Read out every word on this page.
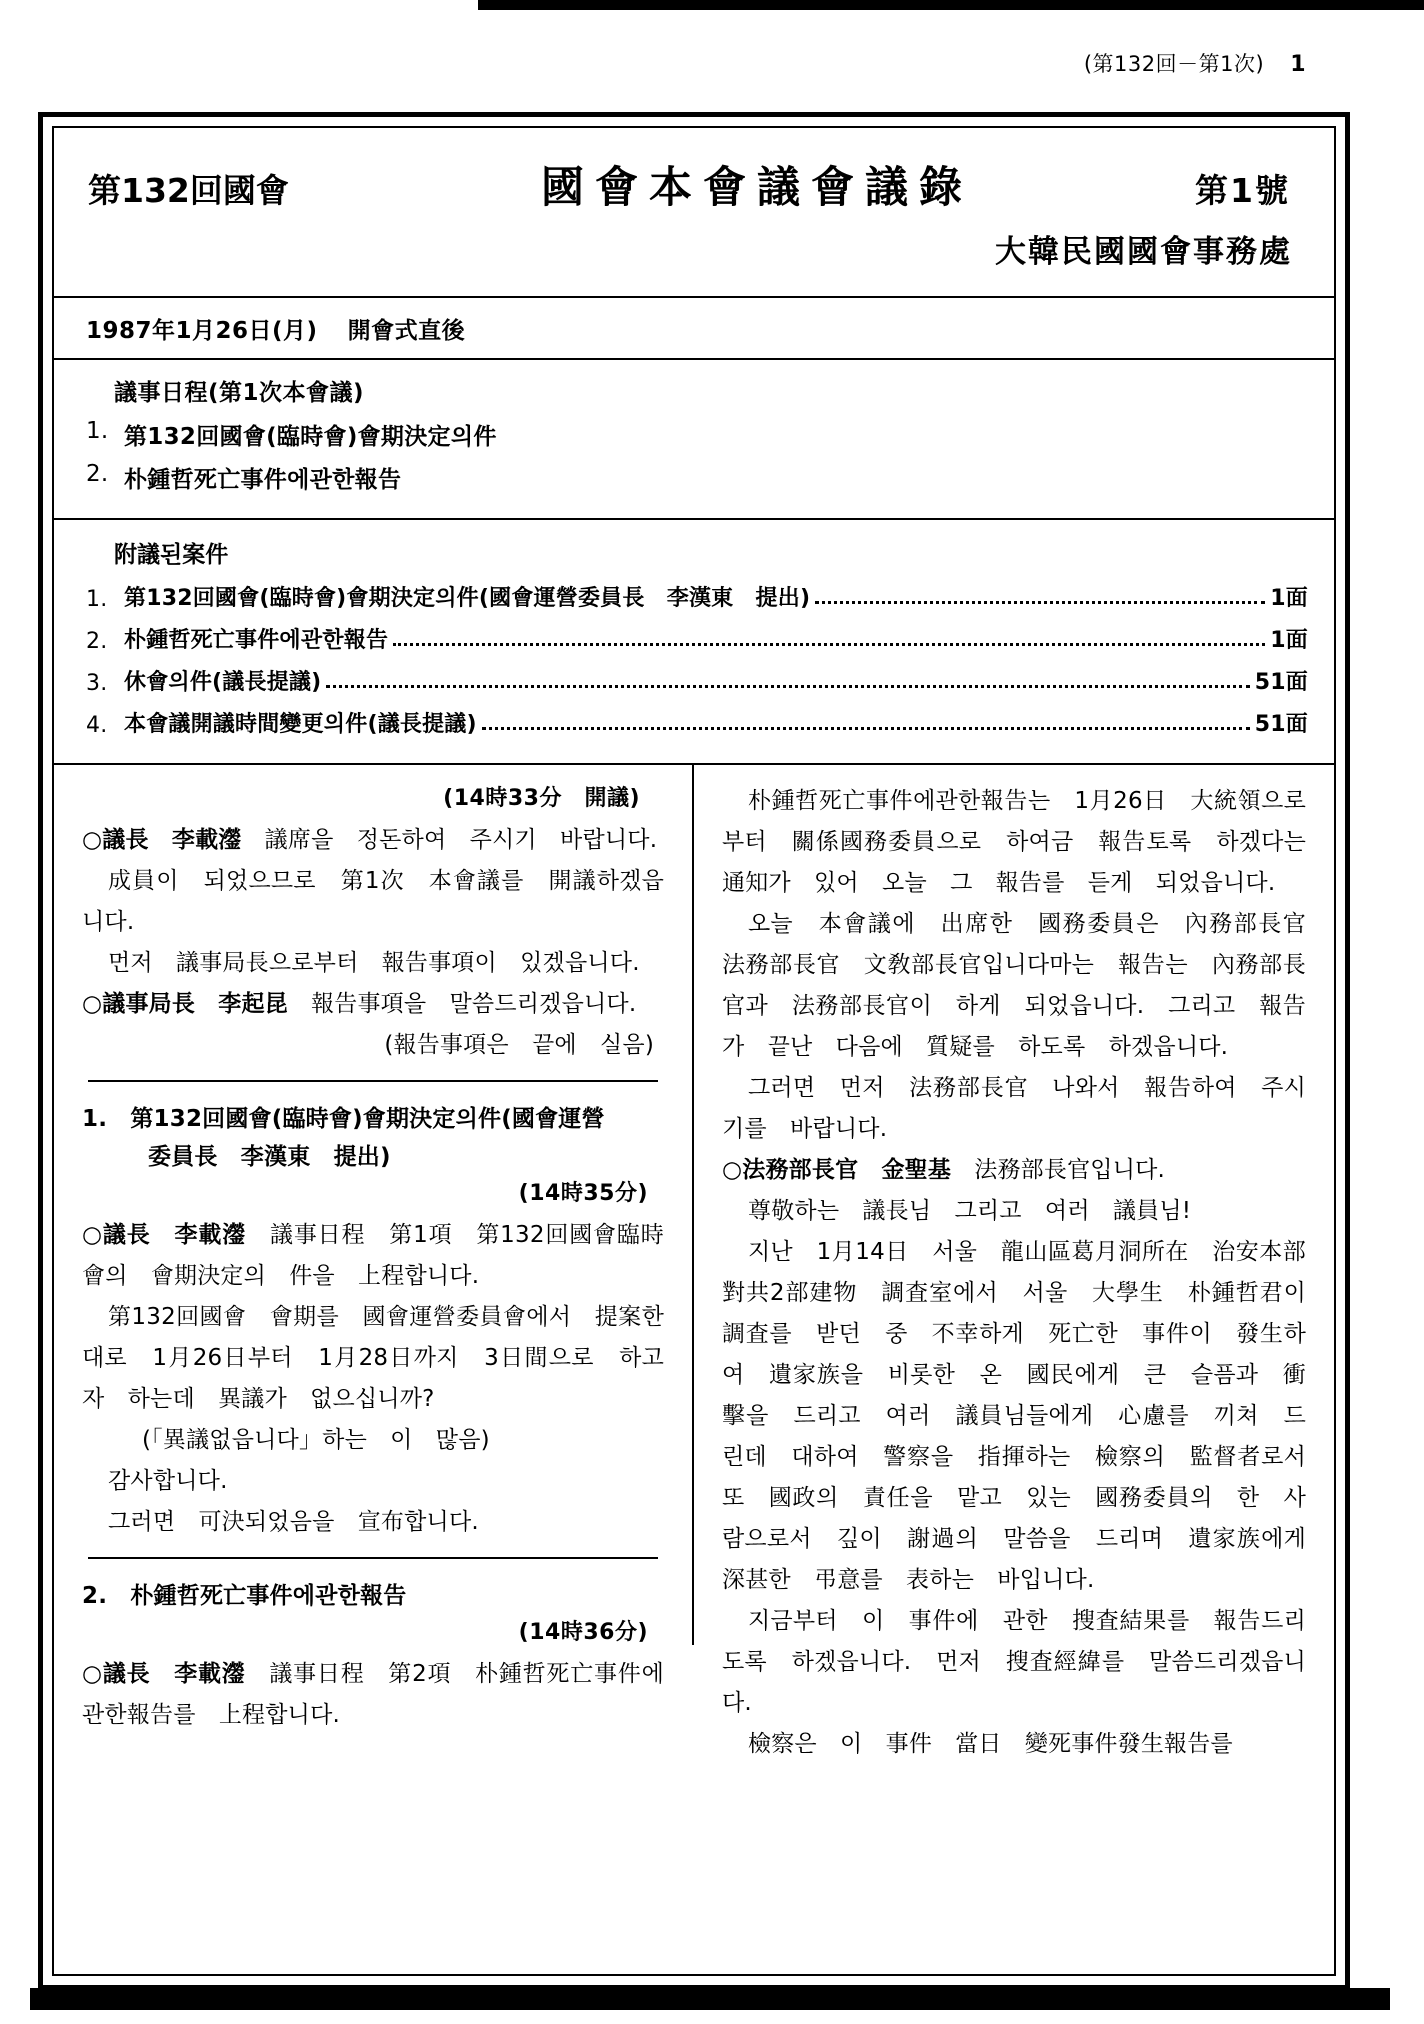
(第132回－第1次) 1
第132回國會	國會本會議會議錄	第1號
大韓民國國會事務處
1987年1月26日(月) 開會式直後
議事日程(第1次本會議)
1. 第132回國會(臨時會)會期決定의件
2. 朴鍾哲死亡事件에관한報告
附議된案件
1. 第132回國會(臨時會)會期決定의件(國會運營委員長　李漢東　提出)	1面
2. 朴鍾哲死亡事件에관한報告	1面
3. 休會의件(議長提議)	51面
4. 本會議開議時間變更의件(議長提議)	51面
(14時33分　開議)

○議長　李載灐　議席을　정돈하여　주시기　바랍니다.

成員이　되었으므로　第1次　本會議를　開議하겠읍니다.

먼저　議事局長으로부터　報告事項이　있겠읍니다.

○議事局長　李起昆　報告事項을　말씀드리겠읍니다.

(報告事項은　끝에　실음)

1.　第132回國會(臨時會)會期決定의件(國會運營
委員長　李漢東　提出)

(14時35分)

○議長　李載灐　議事日程　第1項　第132回國會臨時會의　會期決定의　件을　上程합니다.

第132回國會　會期를　國會運營委員會에서　提案한　대로　1月26日부터　1月28日까지　3日間으로　하고자　하는데　異議가　없으십니까?

(「異議없읍니다」하는　이　많음)

감사합니다.

그러면　可決되었음을　宣布합니다.

2.　朴鍾哲死亡事件에관한報告

(14時36分)

○議長　李載灐　議事日程　第2項　朴鍾哲死亡事件에관한報告를　上程합니다.

朴鍾哲死亡事件에관한報告는　1月26日　大統領으로부터　關係國務委員으로　하여금　報告토록　하겠다는　通知가　있어　오늘　그　報告를　듣게　되었읍니다.

오늘　本會議에　出席한　國務委員은　內務部長官　法務部長官　文敎部長官입니다마는　報告는　內務部長官과　法務部長官이　하게　되었읍니다.　그리고　報告가　끝난　다음에　質疑를　하도록　하겠읍니다.

그러면　먼저　法務部長官　나와서　報告하여　주시기를　바랍니다.

○法務部長官　金聖基　法務部長官입니다.

尊敬하는　議長님　그리고　여러　議員님!

지난　1月14日　서울　龍山區葛月洞所在　治安本部　對共2部建物　調査室에서　서울　大學生　朴鍾哲君이　調査를　받던　중　不幸하게　死亡한　事件이　發生하여　遺家族을　비롯한　온　國民에게　큰　슬픔과　衝擊을　드리고　여러　議員님들에게　心慮를　끼쳐　드린데　대하여　警察을　指揮하는　檢察의　監督者로서　또　國政의　責任을　맡고　있는　國務委員의　한　사람으로서　깊이　謝過의　말씀을　드리며　遺家族에게　深甚한　弔意를　表하는　바입니다.

지금부터　이　事件에　관한　搜査結果를　報告드리도록　하겠읍니다.　먼저　搜査經緯를　말씀드리겠읍니다.

檢察은　이　事件　當日　變死事件發生報告를
